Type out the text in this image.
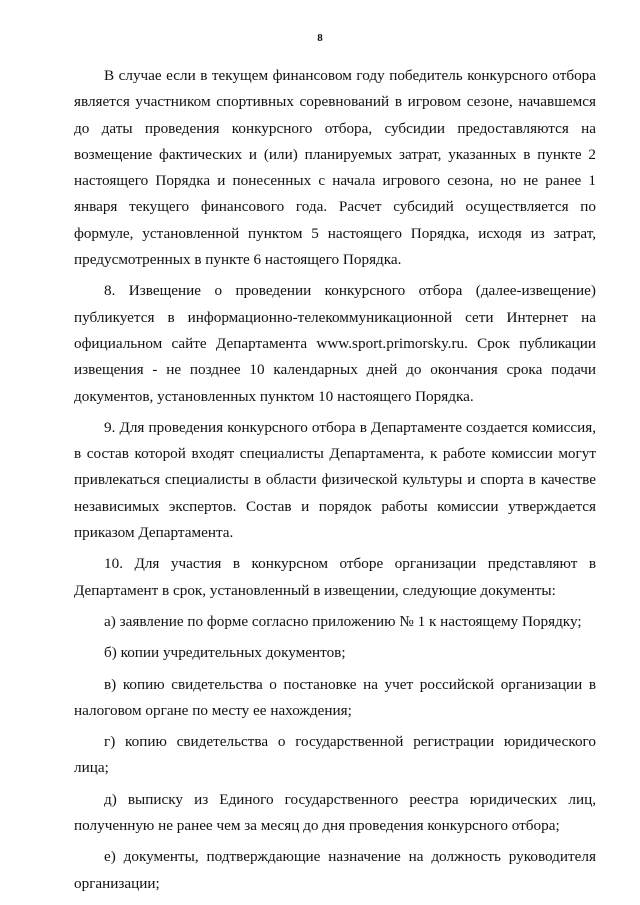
8

В случае если в текущем финансовом году победитель конкурсного отбора является участником спортивных соревнований в игровом сезоне, начавшемся до даты проведения конкурсного отбора, субсидии предоставляются на возмещение фактических и (или) планируемых затрат, указанных в пункте 2 настоящего Порядка и понесенных с начала игрового сезона, но не ранее 1 января текущего финансового года. Расчет субсидий осуществляется по формуле, установленной пунктом 5 настоящего Порядка, исходя из затрат, предусмотренных в пункте 6 настоящего Порядка.

8. Извещение о проведении конкурсного отбора (далее-извещение) публикуется в информационно-телекоммуникационной сети Интернет на официальном сайте Департамента www.sport.primorsky.ru. Срок публикации извещения - не позднее 10 календарных дней до окончания срока подачи документов, установленных пунктом 10 настоящего Порядка.

9. Для проведения конкурсного отбора в Департаменте создается комиссия, в состав которой входят специалисты Департамента, к работе комиссии могут привлекаться специалисты в области физической культуры и спорта в качестве независимых экспертов. Состав и порядок работы комиссии утверждается приказом Департамента.

10. Для участия в конкурсном отборе организации представляют в Департамент в срок, установленный в извещении, следующие документы:

а) заявление по форме согласно приложению № 1 к настоящему Порядку;

б) копии учредительных документов;

в) копию свидетельства о постановке на учет российской организации в налоговом органе по месту ее нахождения;

г) копию свидетельства о государственной регистрации юридического лица;

д) выписку из Единого государственного реестра юридических лиц, полученную не ранее чем за месяц до дня проведения конкурсного отбора;

е) документы, подтверждающие назначение на должность руководителя организации;
